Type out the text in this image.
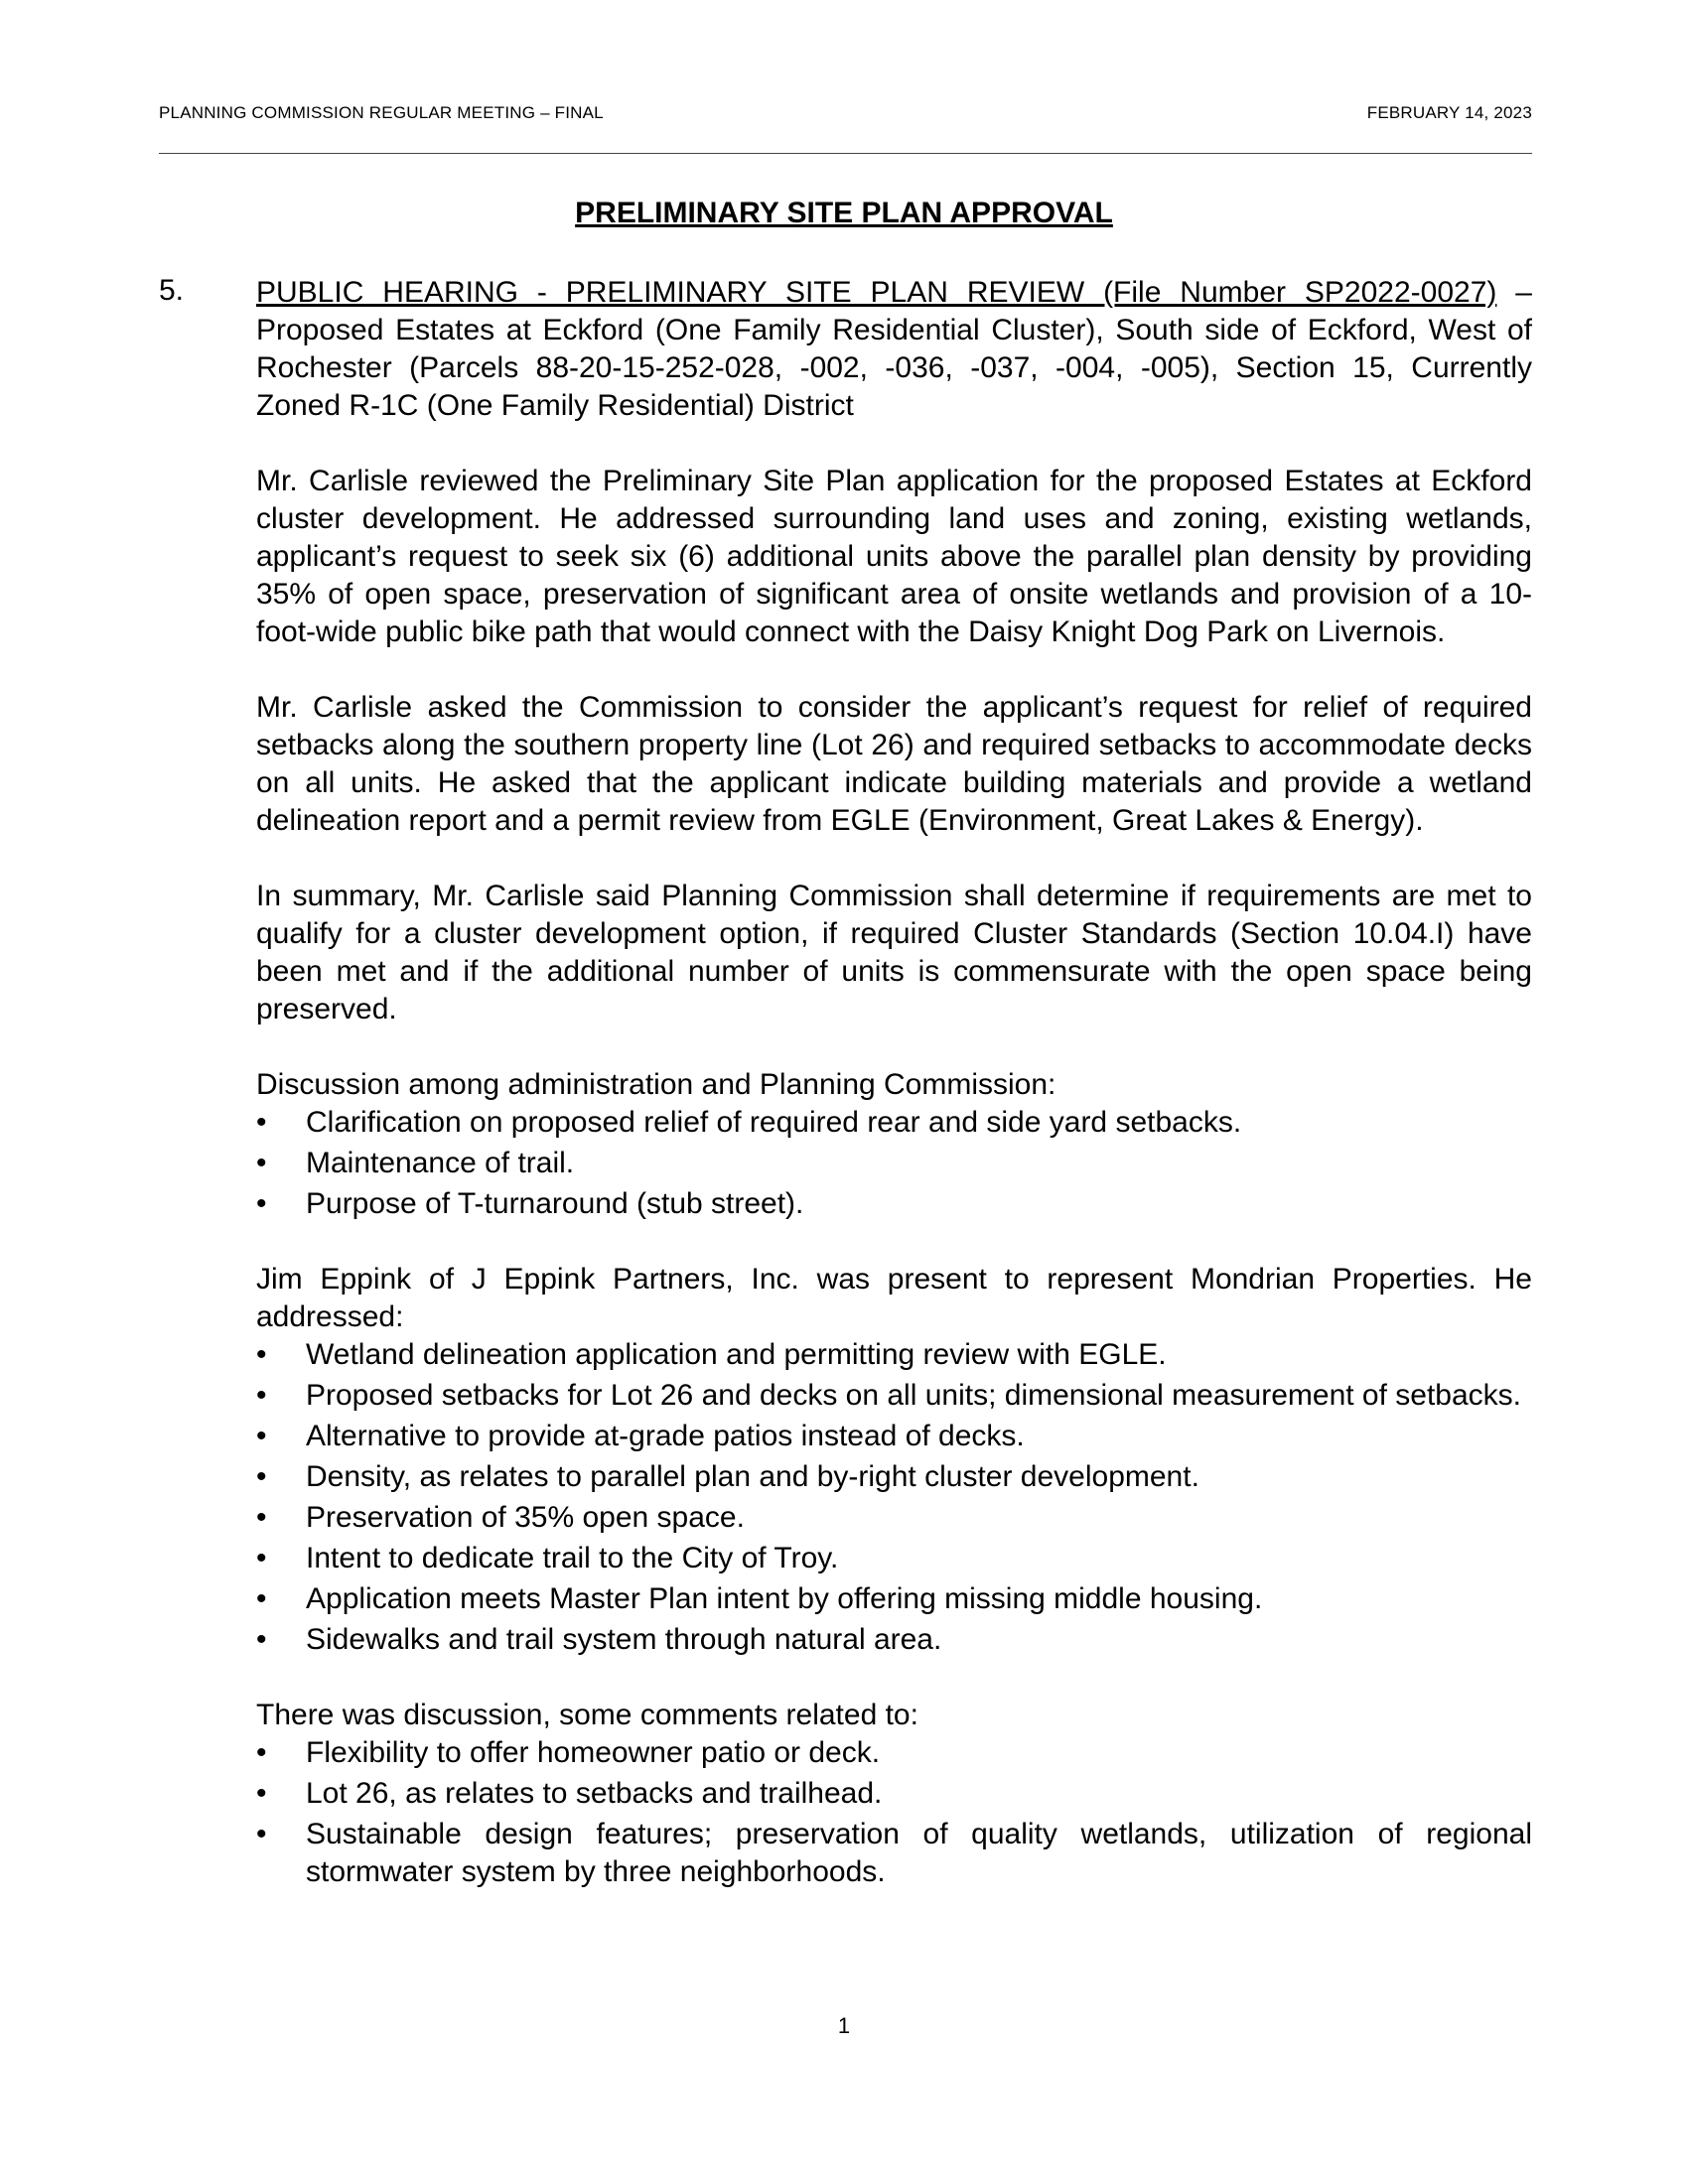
PLANNING COMMISSION REGULAR MEETING – FINAL	FEBRUARY 14, 2023
PRELIMINARY SITE PLAN APPROVAL
5. PUBLIC HEARING - PRELIMINARY SITE PLAN REVIEW (File Number SP2022-0027) – Proposed Estates at Eckford (One Family Residential Cluster), South side of Eckford, West of Rochester (Parcels 88-20-15-252-028, -002, -036, -037, -004, -005), Section 15, Currently Zoned R-1C (One Family Residential) District

Mr. Carlisle reviewed the Preliminary Site Plan application for the proposed Estates at Eckford cluster development. He addressed surrounding land uses and zoning, existing wetlands, applicant’s request to seek six (6) additional units above the parallel plan density by providing 35% of open space, preservation of significant area of onsite wetlands and provision of a 10-foot-wide public bike path that would connect with the Daisy Knight Dog Park on Livernois.

Mr. Carlisle asked the Commission to consider the applicant’s request for relief of required setbacks along the southern property line (Lot 26) and required setbacks to accommodate decks on all units. He asked that the applicant indicate building materials and provide a wetland delineation report and a permit review from EGLE (Environment, Great Lakes & Energy).

In summary, Mr. Carlisle said Planning Commission shall determine if requirements are met to qualify for a cluster development option, if required Cluster Standards (Section 10.04.I) have been met and if the additional number of units is commensurate with the open space being preserved.

Discussion among administration and Planning Commission:

•	Clarification on proposed relief of required rear and side yard setbacks.
•	Maintenance of trail.
•	Purpose of T-turnaround (stub street).

Jim Eppink of J Eppink Partners, Inc. was present to represent Mondrian Properties. He addressed:

•	Wetland delineation application and permitting review with EGLE.
•	Proposed setbacks for Lot 26 and decks on all units; dimensional measurement of setbacks.
•	Alternative to provide at-grade patios instead of decks.
•	Density, as relates to parallel plan and by-right cluster development.
•	Preservation of 35% open space.
•	Intent to dedicate trail to the City of Troy.
•	Application meets Master Plan intent by offering missing middle housing.
•	Sidewalks and trail system through natural area.

There was discussion, some comments related to:

•	Flexibility to offer homeowner patio or deck.
•	Lot 26, as relates to setbacks and trailhead.
•	Sustainable design features; preservation of quality wetlands, utilization of regional stormwater system by three neighborhoods.
1
